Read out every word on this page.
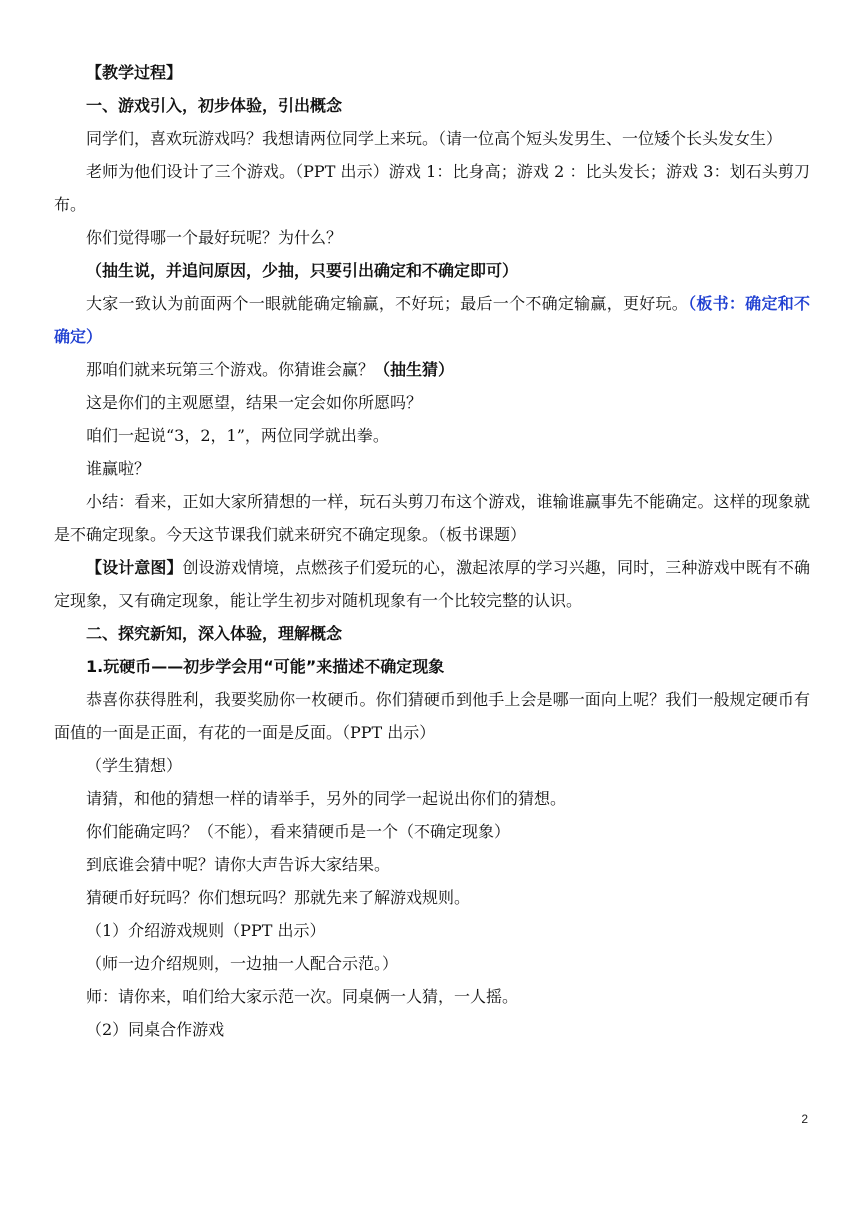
【教学过程】

一、游戏引入，初步体验，引出概念

同学们，喜欢玩游戏吗？我想请两位同学上来玩。（请一位高个短头发男生、一位矮个长头发女生）

老师为他们设计了三个游戏。（PPT 出示）游戏 1：比身高；游戏 2 ：比头发长；游戏 3：划石头剪刀布。

你们觉得哪一个最好玩呢？为什么？

（抽生说，并追问原因，少抽，只要引出确定和不确定即可）

大家一致认为前面两个一眼就能确定输赢，不好玩；最后一个不确定输赢，更好玩。（板书：确定和不确定）

那咱们就来玩第三个游戏。你猜谁会赢？（抽生猜）

这是你们的主观愿望，结果一定会如你所愿吗？

咱们一起说“3，2，1”，两位同学就出拳。

谁赢啦？

小结：看来，正如大家所猜想的一样，玩石头剪刀布这个游戏，谁输谁赢事先不能确定。这样的现象就是不确定现象。今天这节课我们就来研究不确定现象。（板书课题）

【设计意图】创设游戏情境，点燃孩子们爱玩的心，激起浓厚的学习兴趣，同时，三种游戏中既有不确定现象，又有确定现象，能让学生初步对随机现象有一个比较完整的认识。

二、探究新知，深入体验，理解概念

1.玩硬币——初步学会用“可能”来描述不确定现象

恭喜你获得胜利，我要奖励你一枚硬币。你们猜硬币到他手上会是哪一面向上呢？我们一般规定硬币有面值的一面是正面，有花的一面是反面。（PPT 出示）

（学生猜想）

请猜，和他的猜想一样的请举手，另外的同学一起说出你们的猜想。

你们能确定吗？（不能），看来猜硬币是一个（不确定现象）

到底谁会猜中呢？请你大声告诉大家结果。

猜硬币好玩吗？你们想玩吗？那就先来了解游戏规则。

（1）介绍游戏规则（PPT 出示）

（师一边介绍规则，一边抽一人配合示范。）

师：请你来，咱们给大家示范一次。同桌俩一人猜，一人摇。

（2）同桌合作游戏

2
